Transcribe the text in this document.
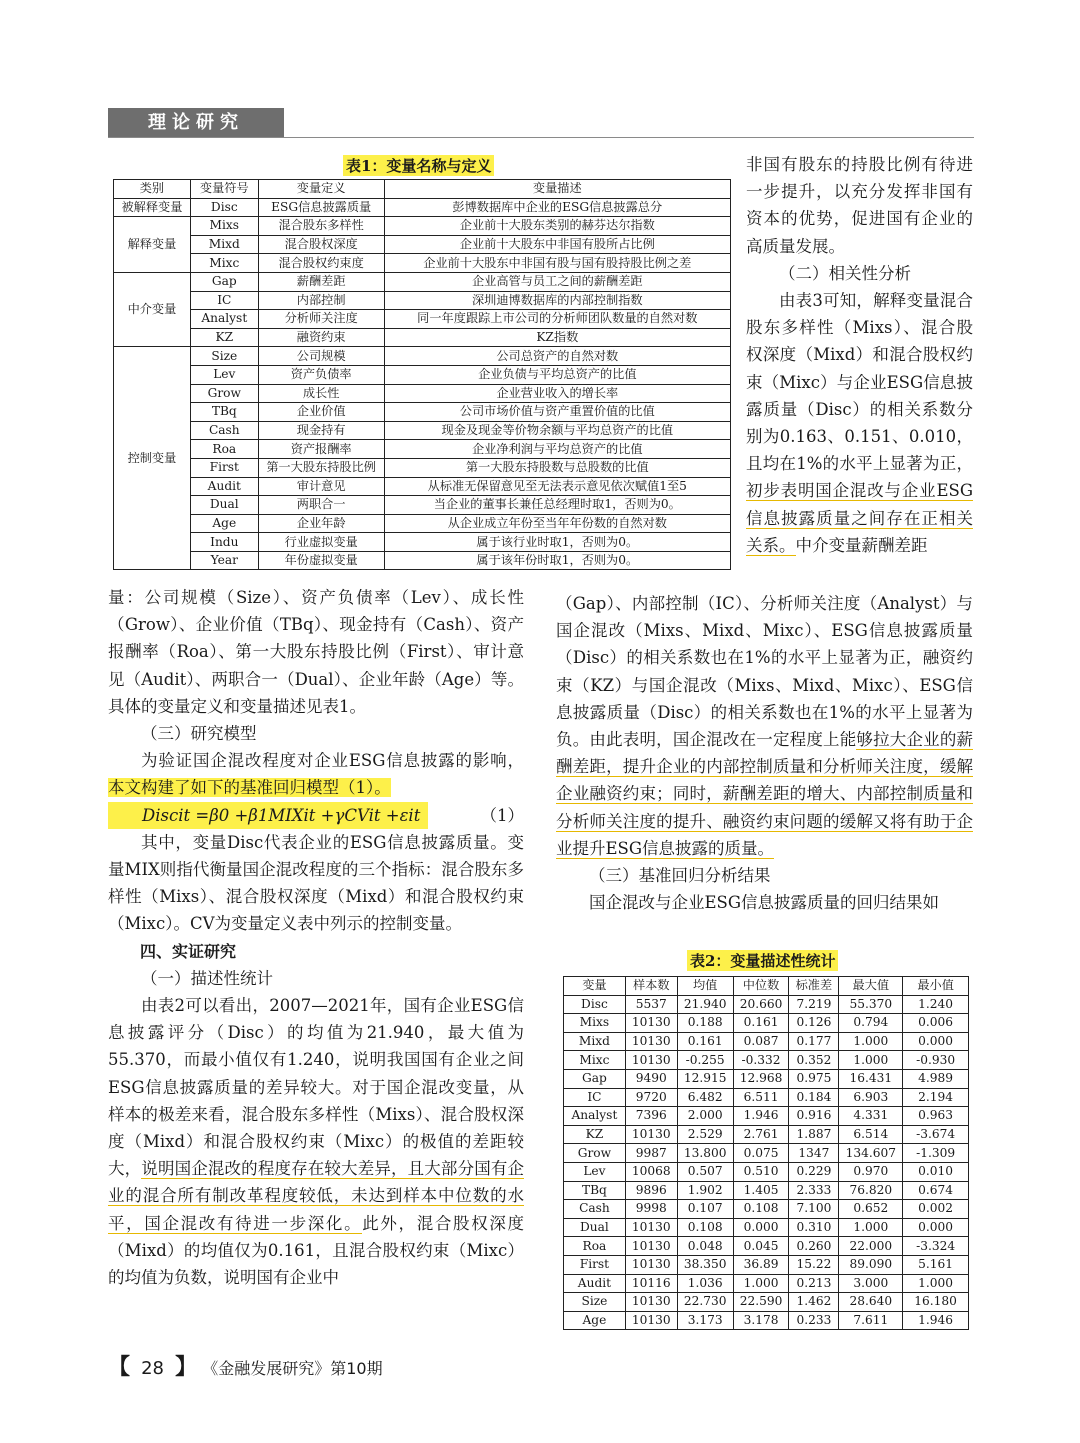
理论研究
表1：变量名称与定义
类别	变量符号	变量定义	变量描述
被解释变量	Disc	ESG信息披露质量	彭博数据库中企业的ESG信息披露总分
解释变量	Mixs	混合股东多样性	企业前十大股东类别的赫芬达尔指数
	Mixd	混合股权深度	企业前十大股东中非国有股所占比例
	Mixc	混合股权约束度	企业前十大股东中非国有股与国有股持股比例之差
中介变量	Gap	薪酬差距	企业高管与员工之间的薪酬差距
	IC	内部控制	深圳迪博数据库的内部控制指数
	Analyst	分析师关注度	同一年度跟踪上市公司的分析师团队数量的自然对数
	KZ	融资约束	KZ指数
控制变量	Size	公司规模	公司总资产的自然对数
	Lev	资产负债率	企业负债与平均总资产的比值
	Grow	成长性	企业营业收入的增长率
	TBq	企业价值	公司市场价值与资产重置价值的比值
	Cash	现金持有	现金及现金等价物余额与平均总资产的比值
	Roa	资产报酬率	企业净利润与平均总资产的比值
	First	第一大股东持股比例	第一大股东持股数与总股数的比值
	Audit	审计意见	从标准无保留意见至无法表示意见依次赋值1至5
	Dual	两职合一	当企业的董事长兼任总经理时取1，否则为0。
	Age	企业年龄	从企业成立年份至当年年份数的自然对数
	Indu	行业虚拟变量	属于该行业时取1，否则为0。
	Year	年份虚拟变量	属于该年份时取1，否则为0。

非国有股东的持股比例有待进一步提升，以充分发挥非国有资本的优势，促进国有企业的高质量发展。

（二）相关性分析

由表3可知，解释变量混合股东多样性（Mixs）、混合股权深度（Mixd）和混合股权约束（Mixc）与企业ESG信息披露质量（Disc）的相关系数分别为0.163、0.151、0.010，且均在1%的水平上显著为正，初步表明国企混改与企业ESG信息披露质量之间存在正相关关系。中介变量薪酬差距

量：公司规模（Size）、资产负债率（Lev）、成长性（Grow）、企业价值（TBq）、现金持有（Cash）、资产报酬率（Roa）、第一大股东持股比例（First）、审计意见（Audit）、两职合一（Dual）、企业年龄（Age）等。具体的变量定义和变量描述见表1。

（三）研究模型

为验证国企混改程度对企业ESG信息披露的影响，本文构建了如下的基准回归模型（1）。

Discit =β0 +β1MIXit +γCVit +εit	（1）

其中，变量Disc代表企业的ESG信息披露质量。变量MIX则指代衡量国企混改程度的三个指标：混合股东多样性（Mixs）、混合股权深度（Mixd）和混合股权约束（Mixc）。CV为变量定义表中列示的控制变量。

四、实证研究

（一）描述性统计

由表2可以看出，2007—2021年，国有企业ESG信息披露评分（Disc）的均值为21.940，最大值为55.370，而最小值仅有1.240，说明我国国有企业之间ESG信息披露质量的差异较大。对于国企混改变量，从样本的极差来看，混合股东多样性（Mixs）、混合股权深度（Mixd）和混合股权约束（Mixc）的极值的差距较大，说明国企混改的程度存在较大差异，且大部分国有企业的混合所有制改革程度较低，未达到样本中位数的水平，国企混改有待进一步深化。此外，混合股权深度（Mixd）的均值仅为0.161，且混合股权约束（Mixc）的均值为负数，说明国有企业中

（Gap）、内部控制（IC）、分析师关注度（Analyst）与国企混改（Mixs、Mixd、Mixc）、ESG信息披露质量（Disc）的相关系数也在1%的水平上显著为正，融资约束（KZ）与国企混改（Mixs、Mixd、Mixc）、ESG信息披露质量（Disc）的相关系数也在1%的水平上显著为负。由此表明，国企混改在一定程度上能够拉大企业的薪酬差距，提升企业的内部控制质量和分析师关注度，缓解企业融资约束；同时，薪酬差距的增大、内部控制质量和分析师关注度的提升、融资约束问题的缓解又将有助于企业提升ESG信息披露的质量。

（三）基准回归分析结果

国企混改与企业ESG信息披露质量的回归结果如

表2：变量描述性统计
变量	样本数	均值	中位数	标准差	最大值	最小值
Disc	5537	21.940	20.660	7.219	55.370	1.240
Mixs	10130	0.188	0.161	0.126	0.794	0.006
Mixd	10130	0.161	0.087	0.177	1.000	0.000
Mixc	10130	-0.255	-0.332	0.352	1.000	-0.930
Gap	9490	12.915	12.968	0.975	16.431	4.989
IC	9720	6.482	6.511	0.184	6.903	2.194
Analyst	7396	2.000	1.946	0.916	4.331	0.963
KZ	10130	2.529	2.761	1.887	6.514	-3.674
Grow	9987	13.800	0.075	1347	134.607	-1.309
Lev	10068	0.507	0.510	0.229	0.970	0.010
TBq	9896	1.902	1.405	2.333	76.820	0.674
Cash	9998	0.107	0.108	7.100	0.652	0.002
Dual	10130	0.108	0.000	0.310	1.000	0.000
Roa	10130	0.048	0.045	0.260	22.000	-3.324
First	10130	38.350	36.89	15.22	89.090	5.161
Audit	10116	1.036	1.000	0.213	3.000	1.000
Size	10130	22.730	22.590	1.462	28.640	16.180
Age	10130	3.173	3.178	0.233	7.611	1.946
【 28 】 《金融发展研究》第10期
